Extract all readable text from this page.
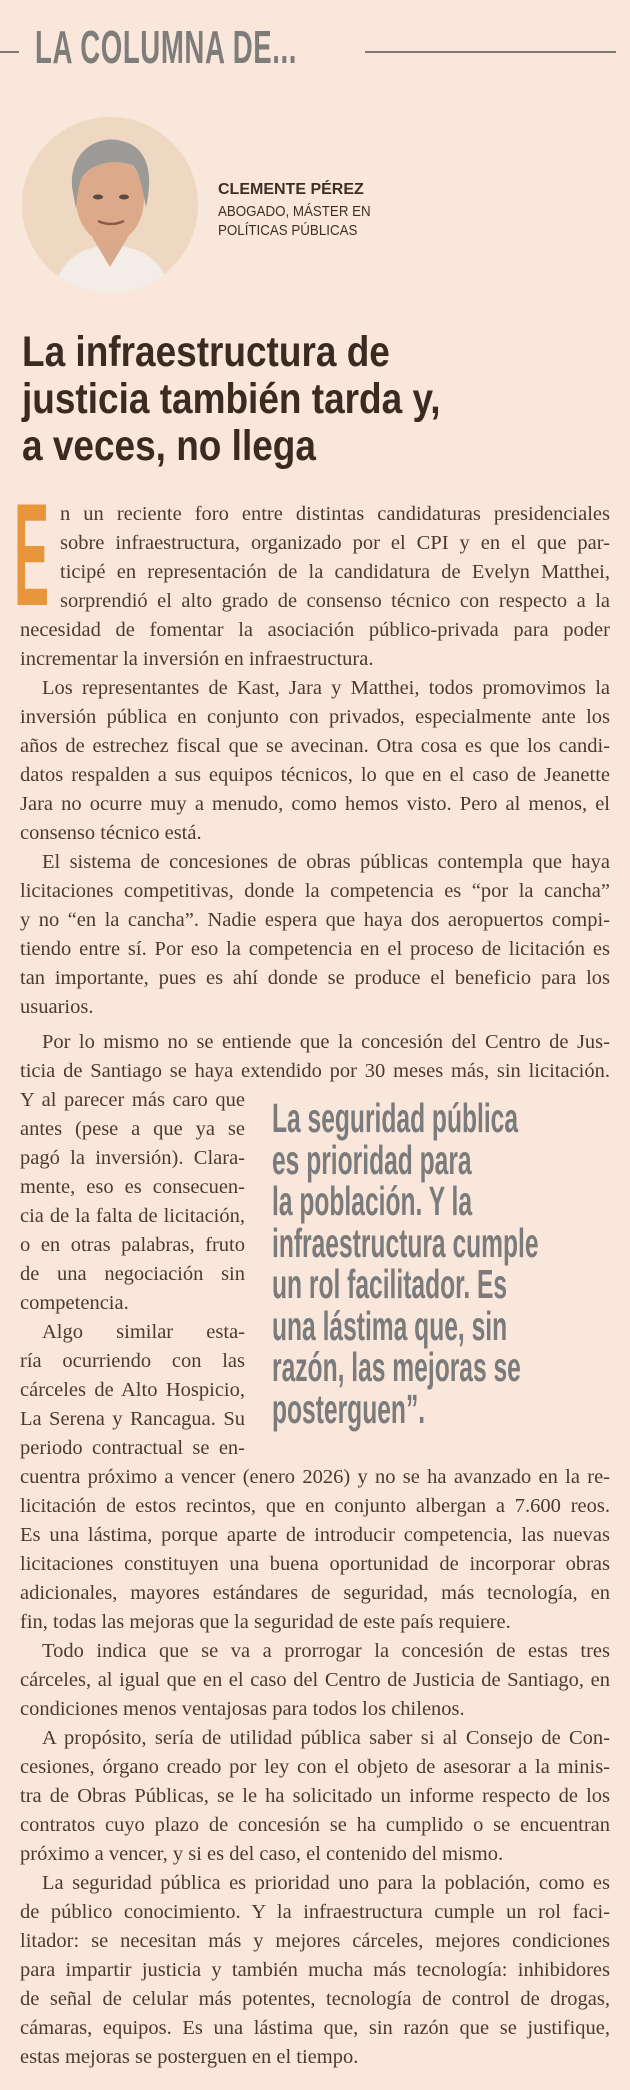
LA COLUMNA DE...
CLEMENTE PÉREZ
ABOGADO, MÁSTER EN
POLÍTICAS PÚBLICAS
La infraestructura de
justicia también tarda y,
a veces, no llega
E n un reciente foro entre distintas candidaturas presidenciales
sobre infraestructura, organizado por el CPI y en el que par-
ticipé en representación de la candidatura de Evelyn Matthei,
sorprendió el alto grado de consenso técnico con respecto a la
necesidad de fomentar la asociación público-privada para poder
incrementar la inversión en infraestructura.
Los representantes de Kast, Jara y Matthei, todos promovimos la
inversión pública en conjunto con privados, especialmente ante los
años de estrechez fiscal que se avecinan. Otra cosa es que los candi-
datos respalden a sus equipos técnicos, lo que en el caso de Jeanette
Jara no ocurre muy a menudo, como hemos visto. Pero al menos, el
consenso técnico está.
El sistema de concesiones de obras públicas contempla que haya
licitaciones competitivas, donde la competencia es “por la cancha”
y no “en la cancha”. Nadie espera que haya dos aeropuertos compi-
tiendo entre sí. Por eso la competencia en el proceso de licitación es
tan importante, pues es ahí donde se produce el beneficio para los
usuarios.
Por lo mismo no se entiende que la concesión del Centro de Jus-
ticia de Santiago se haya extendido por 30 meses más, sin licitación.
Y al parecer más caro que
antes (pese a que ya se
pagó la inversión). Clara-
mente, eso es consecuen-
cia de la falta de licitación,
o en otras palabras, fruto
de una negociación sin
competencia.
Algo similar esta-
ría ocurriendo con las
cárceles de Alto Hospicio,
La Serena y Rancagua. Su
periodo contractual se en-
cuentra próximo a vencer (enero 2026) y no se ha avanzado en la re-
licitación de estos recintos, que en conjunto albergan a 7.600 reos.
Es una lástima, porque aparte de introducir competencia, las nuevas
licitaciones constituyen una buena oportunidad de incorporar obras
adicionales, mayores estándares de seguridad, más tecnología, en
fin, todas las mejoras que la seguridad de este país requiere.
Todo indica que se va a prorrogar la concesión de estas tres
cárceles, al igual que en el caso del Centro de Justicia de Santiago, en
condiciones menos ventajosas para todos los chilenos.
A propósito, sería de utilidad pública saber si al Consejo de Con-
cesiones, órgano creado por ley con el objeto de asesorar a la minis-
tra de Obras Públicas, se le ha solicitado un informe respecto de los
contratos cuyo plazo de concesión se ha cumplido o se encuentran
próximo a vencer, y si es del caso, el contenido del mismo.
La seguridad pública es prioridad uno para la población, como es
de público conocimiento. Y la infraestructura cumple un rol faci-
litador: se necesitan más y mejores cárceles, mejores condiciones
para impartir justicia y también mucha más tecnología: inhibidores
de señal de celular más potentes, tecnología de control de drogas,
cámaras, equipos. Es una lástima que, sin razón que se justifique,
estas mejoras se posterguen en el tiempo.
La seguridad pública
es prioridad para
la población. Y la
infraestructura cumple
un rol facilitador. Es
una lástima que, sin
razón, las mejoras se
posterguen”.
